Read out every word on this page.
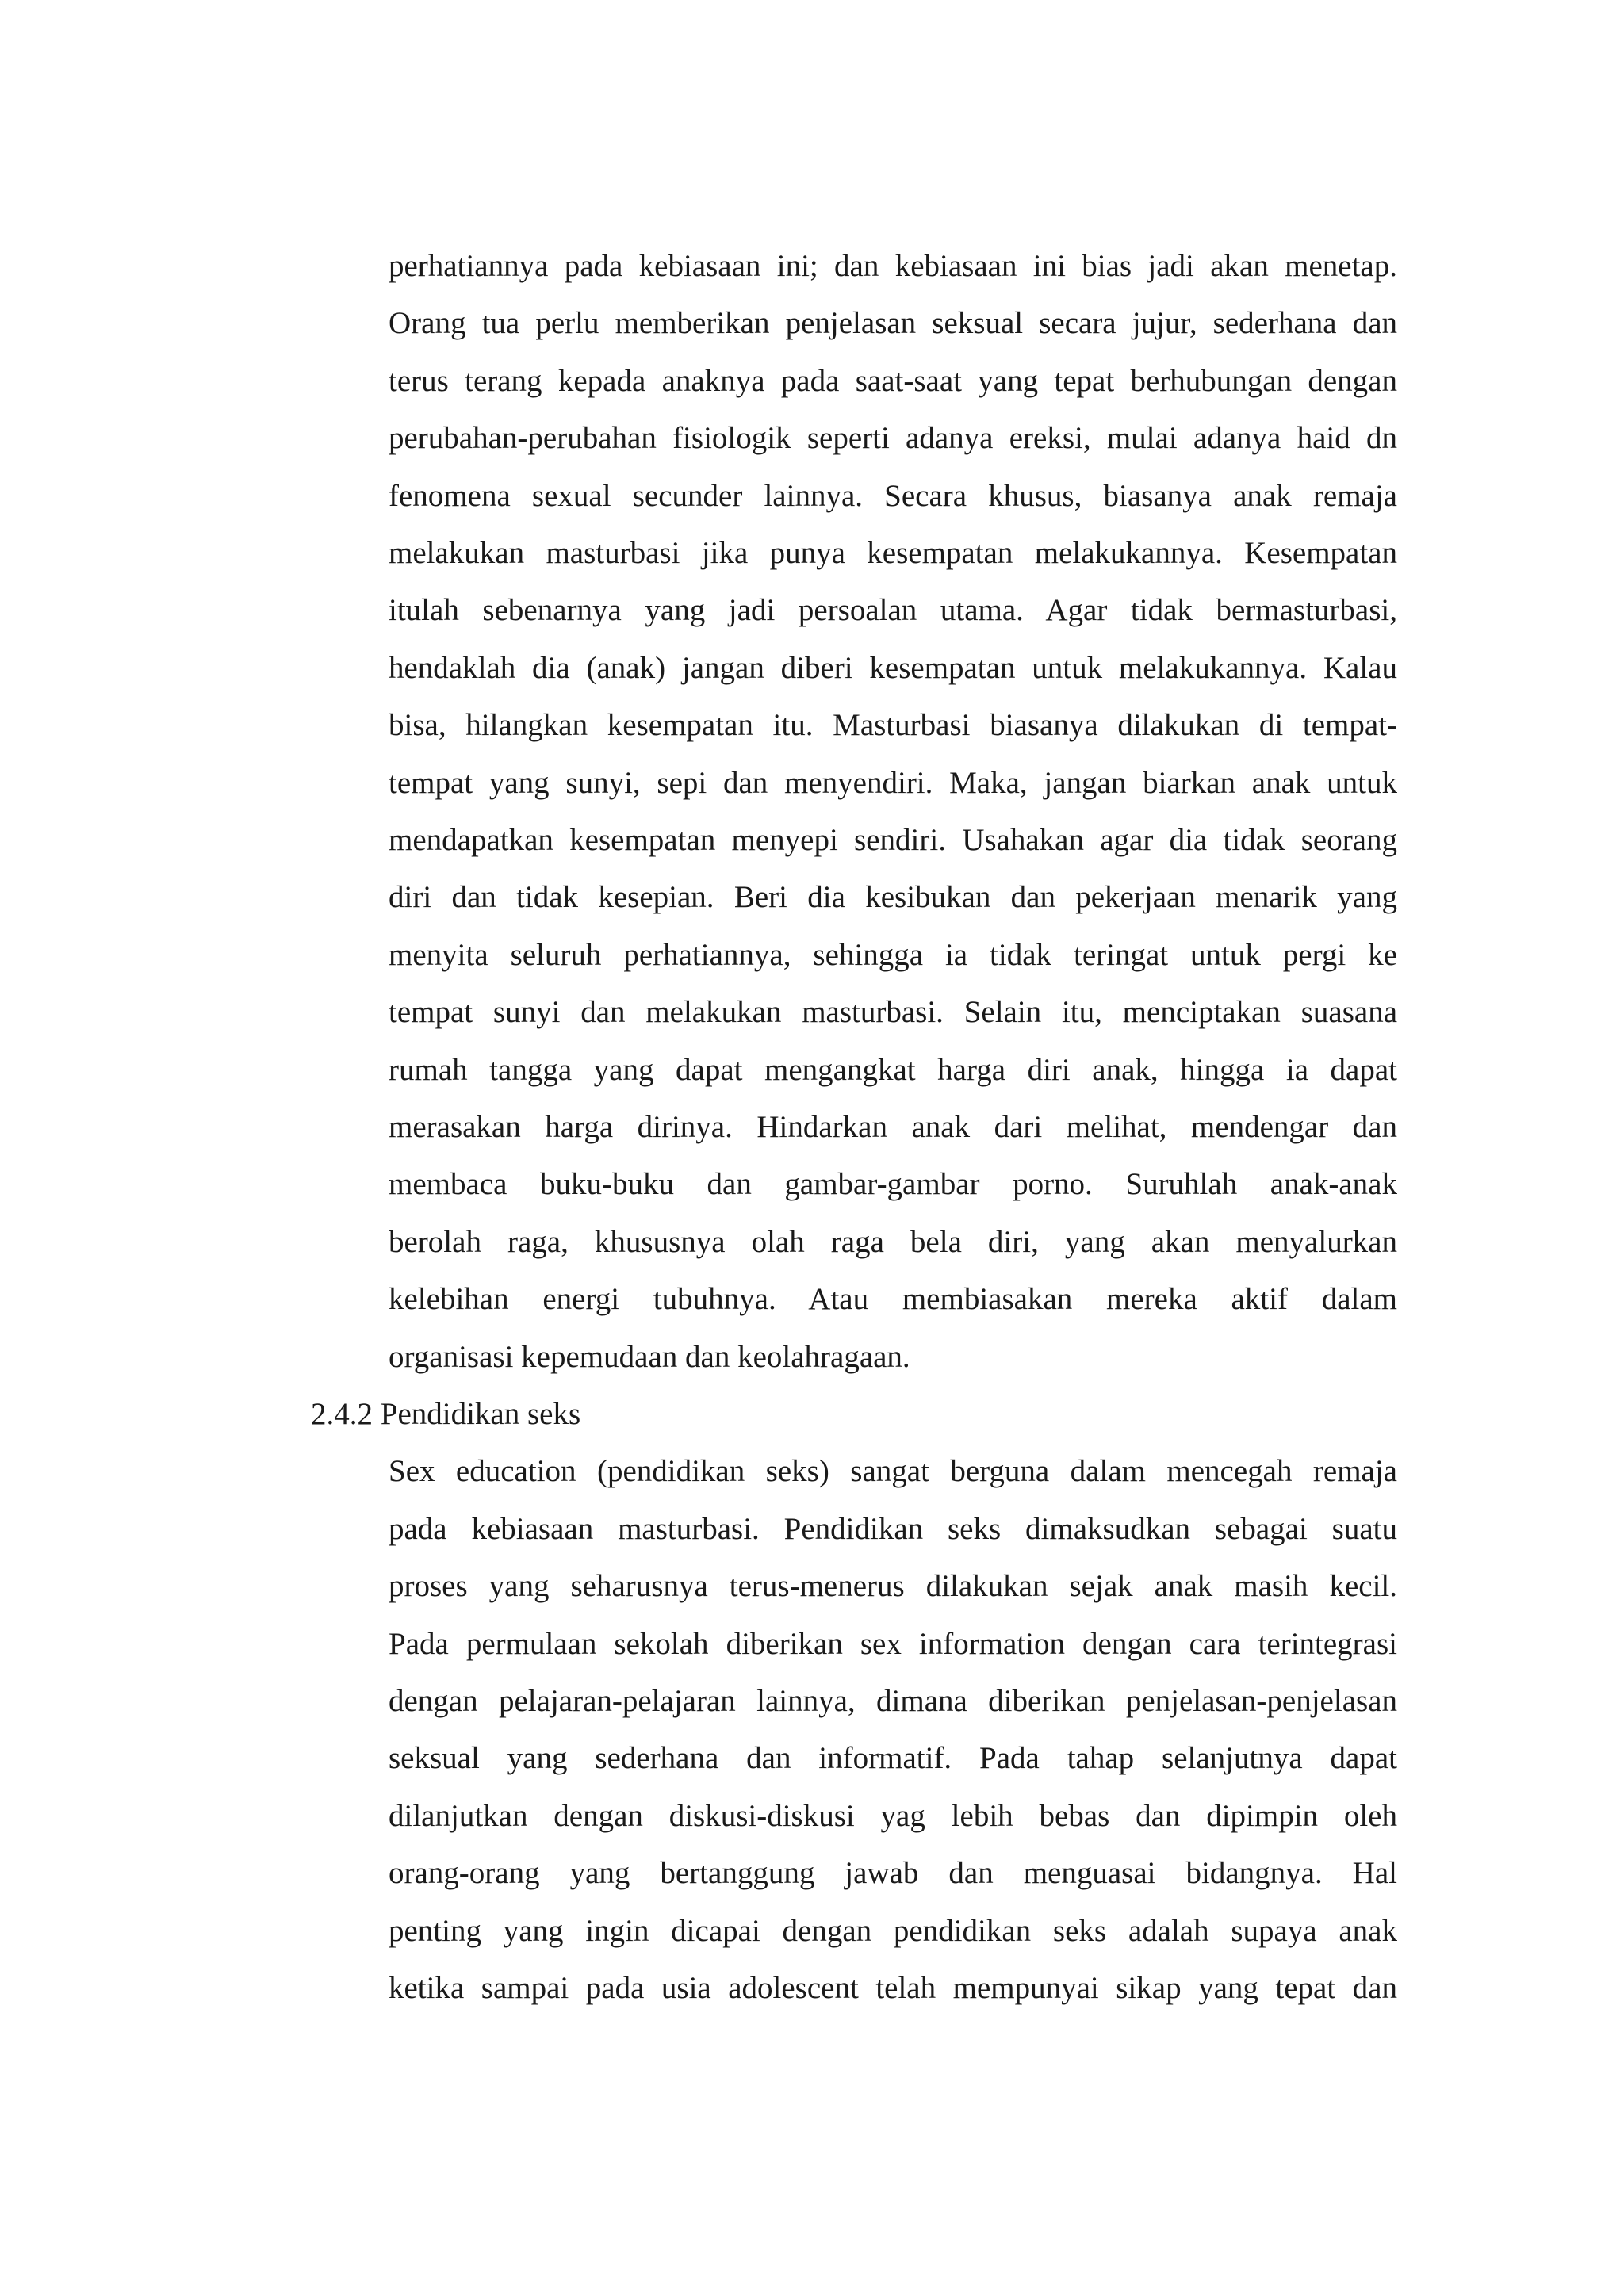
perhatiannya pada kebiasaan ini; dan kebiasaan ini bias jadi akan menetap.
Orang tua perlu memberikan penjelasan seksual secara jujur, sederhana dan
terus terang kepada anaknya pada saat-saat yang tepat berhubungan dengan
perubahan-perubahan fisiologik seperti adanya ereksi, mulai adanya haid dn
fenomena sexual secunder lainnya. Secara khusus, biasanya anak remaja
melakukan masturbasi jika punya kesempatan melakukannya. Kesempatan
itulah sebenarnya yang jadi persoalan utama. Agar tidak bermasturbasi,
hendaklah dia (anak) jangan diberi kesempatan untuk melakukannya. Kalau
bisa, hilangkan kesempatan itu. Masturbasi biasanya dilakukan di tempat-
tempat yang sunyi, sepi dan menyendiri. Maka, jangan biarkan anak untuk
mendapatkan kesempatan menyepi sendiri. Usahakan agar dia tidak seorang
diri dan tidak kesepian. Beri dia kesibukan dan pekerjaan menarik yang
menyita seluruh perhatiannya, sehingga ia tidak teringat untuk pergi ke
tempat sunyi dan melakukan masturbasi. Selain itu, menciptakan suasana
rumah tangga yang dapat mengangkat harga diri anak, hingga ia dapat
merasakan harga dirinya. Hindarkan anak dari melihat, mendengar dan
membaca buku-buku dan gambar-gambar porno. Suruhlah anak-anak
berolah raga, khususnya olah raga bela diri, yang akan menyalurkan
kelebihan energi tubuhnya. Atau membiasakan mereka aktif dalam
organisasi kepemudaan dan keolahragaan.
2.4.2 Pendidikan seks
Sex education (pendidikan seks) sangat berguna dalam mencegah remaja
pada kebiasaan masturbasi. Pendidikan seks dimaksudkan sebagai suatu
proses yang seharusnya terus-menerus dilakukan sejak anak masih kecil.
Pada permulaan sekolah diberikan sex information dengan cara terintegrasi
dengan pelajaran-pelajaran lainnya, dimana diberikan penjelasan-penjelasan
seksual yang sederhana dan informatif. Pada tahap selanjutnya dapat
dilanjutkan dengan diskusi-diskusi yag lebih bebas dan dipimpin oleh
orang-orang yang bertanggung jawab dan menguasai bidangnya. Hal
penting yang ingin dicapai dengan pendidikan seks adalah supaya anak
ketika sampai pada usia adolescent telah mempunyai sikap yang tepat dan
